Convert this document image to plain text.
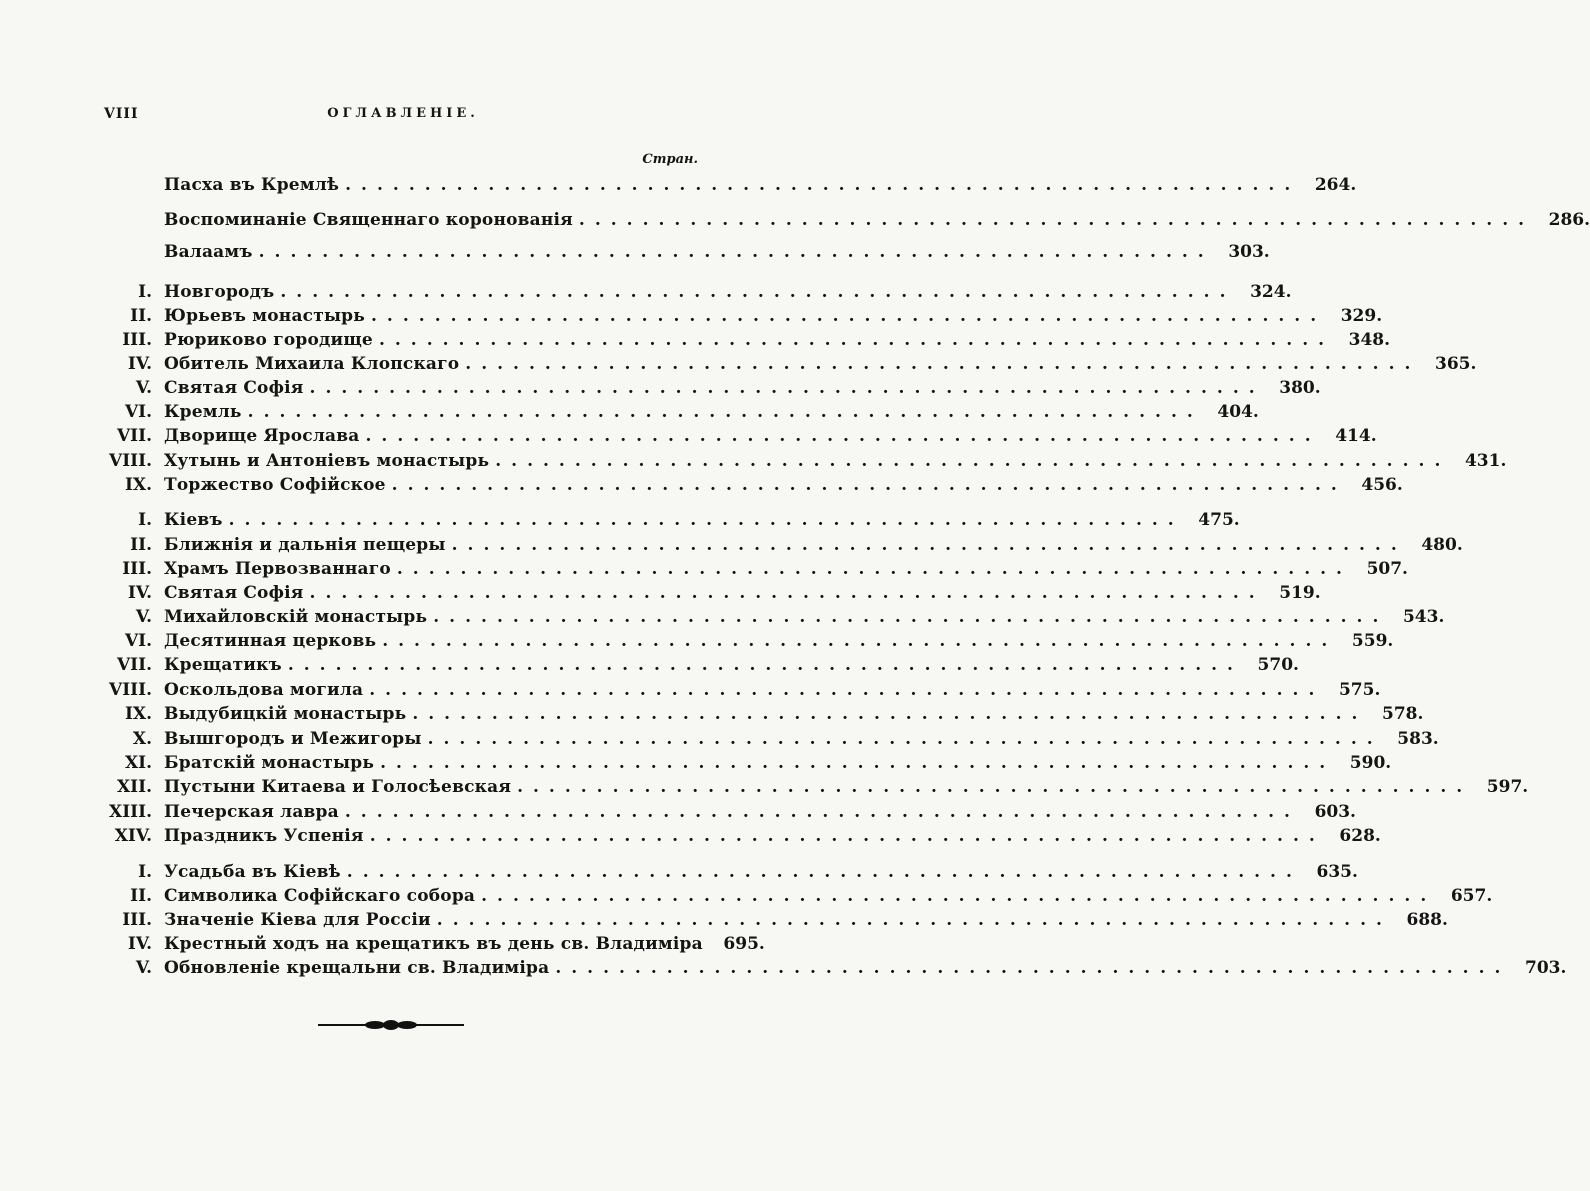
VIII	ОГЛАВЛЕНІЕ.
Стран.
Пасха въ Кремлѣ ............................................................ 264.
Воспоминаніе Священнаго коронованія ............................................................ 286.
Валаамъ ............................................................ 303.
I. Новгородъ ............................................................ 324.
II. Юрьевъ монастырь ............................................................ 329.
III. Рюриково городище ............................................................ 348.
IV. Обитель Михаила Клопскаго ............................................................ 365.
V. Святая Софія ............................................................ 380.
VI. Кремль ............................................................ 404.
VII. Дворище Ярослава ............................................................ 414.
VIII. Хутынь и Антоніевъ монастырь ............................................................ 431.
IX. Торжество Софійское ............................................................ 456.
I. Кіевъ ............................................................ 475.
II. Ближнія и дальнія пещеры ............................................................ 480.
III. Храмъ Первозваннаго ............................................................ 507.
IV. Святая Софія ............................................................ 519.
V. Михайловскій монастырь ............................................................ 543.
VI. Десятинная церковь ............................................................ 559.
VII. Крещатикъ ............................................................ 570.
VIII. Оскольдова могила ............................................................ 575.
IX. Выдубицкій монастырь ............................................................ 578.
X. Вышгородъ и Межигоры ............................................................ 583.
XI. Братскій монастырь ............................................................ 590.
XII. Пустыни Китаева и Голосѣевская ............................................................ 597.
XIII. Печерская лавра ............................................................ 603.
XIV. Праздникъ Успенія ............................................................ 628.
I. Усадьба въ Кіевѣ ............................................................ 635.
II. Символика Софійскаго собора ............................................................ 657.
III. Значеніе Кіева для Россіи ............................................................ 688.
IV. Крестный ходъ на крещатикъ въ день св. Владиміра	695.
V. Обновленіе крещальни св. Владиміра ............................................................ 703.
